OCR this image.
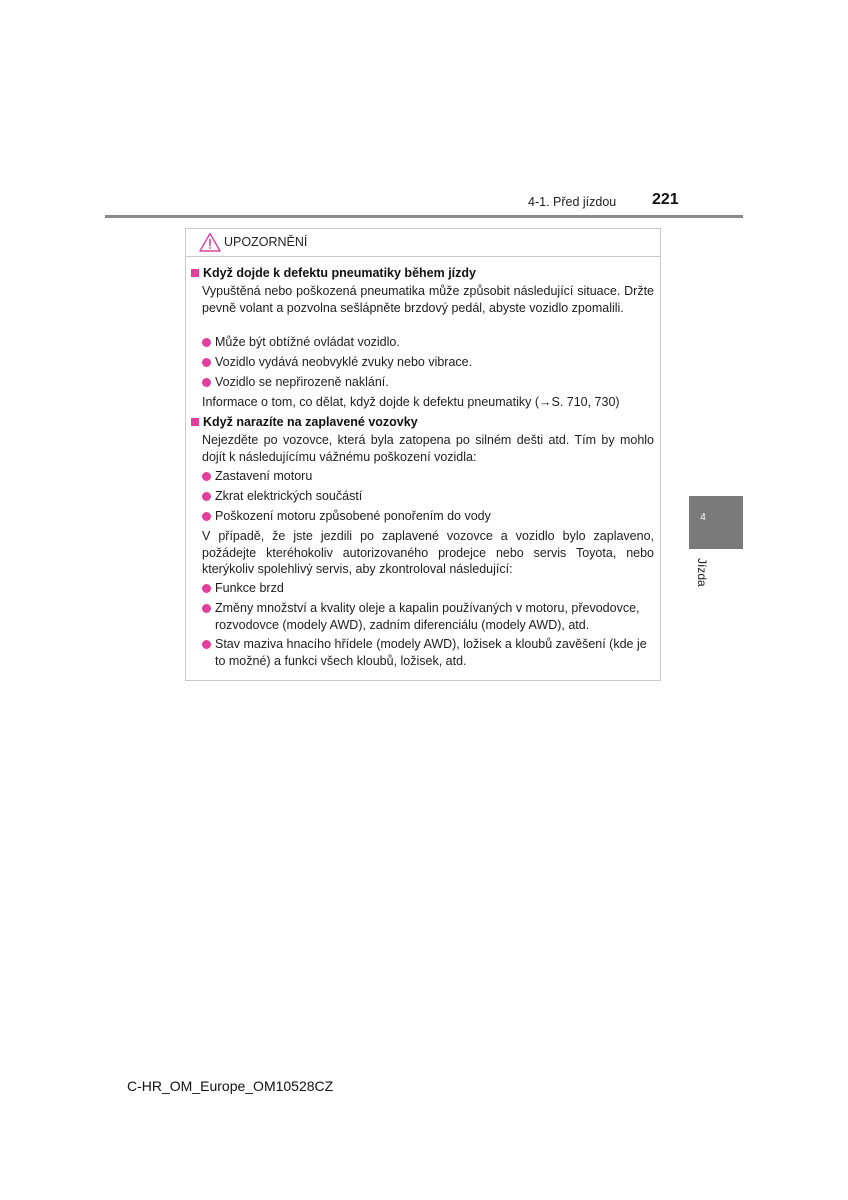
4-1. Před jízdou 221
4
Jízda
UPOZORNĚNÍ
Když dojde k defektu pneumatiky během jízdy
Vypuštěná nebo poškozená pneumatika může způsobit následující situace. Držte pevně volant a pozvolna sešlápněte brzdový pedál, abyste vozidlo zpomalili.
Může být obtížné ovládat vozidlo.
Vozidlo vydává neobvyklé zvuky nebo vibrace.
Vozidlo se nepřirozeně naklání.
Informace o tom, co dělat, když dojde k defektu pneumatiky (→S. 710, 730)
Když narazíte na zaplavené vozovky
Nejezděte po vozovce, která byla zatopena po silném dešti atd. Tím by mohlo dojít k následujícímu vážnému poškození vozidla:
Zastavení motoru
Zkrat elektrických součástí
Poškození motoru způsobené ponořením do vody
V případě, že jste jezdili po zaplavené vozovce a vozidlo bylo zaplaveno, požádejte kteréhokoliv autorizovaného prodejce nebo servis Toyota, nebo kterýkoliv spolehlivý servis, aby zkontroloval následující:
Funkce brzd
Změny množství a kvality oleje a kapalin používaných v motoru, převodovce, rozvodovce (modely AWD), zadním diferenciálu (modely AWD), atd.
Stav maziva hnacího hřídele (modely AWD), ložisek a kloubů zavěšení (kde je to možné) a funkci všech kloubů, ložisek, atd.
C-HR_OM_Europe_OM10528CZ
